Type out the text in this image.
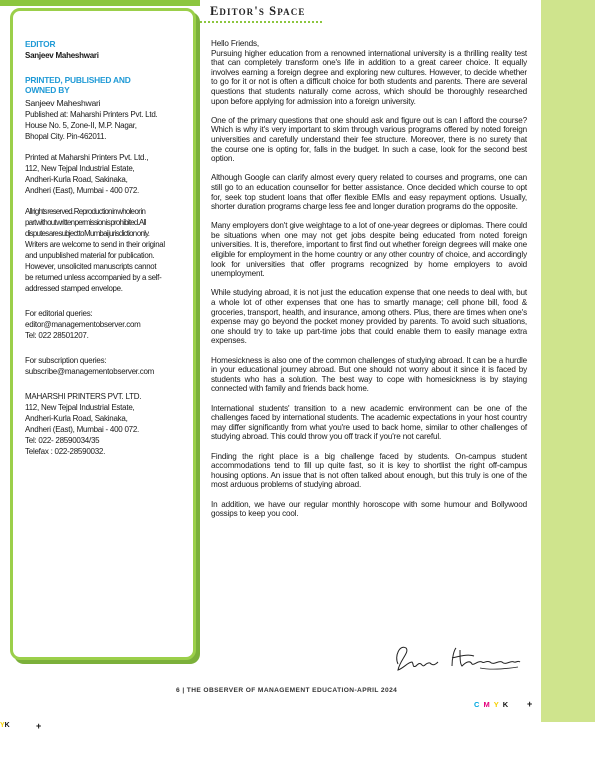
EDITOR
Sanjeev Maheshwari
PRINTED, PUBLISHED AND
OWNED BY
Sanjeev Maheshwari
Published at: Maharshi Printers Pvt. Ltd.
House No. 5, Zone-II, M.P. Nagar,
Bhopal City. Pin-462011.
Printed at Maharshi Printers Pvt. Ltd.,
112, New Tejpal Industrial Estate,
Andheri-Kurla Road, Sakinaka,
Andheri (East), Mumbai - 400 072.
All rights reserved. Reproduction in whole or in
part without written permission is prohibited. All
disputes are subject to Mumbai jurisdiction only.
Writers are welcome to send in their original
and unpublished material for publication.
However, unsolicited manuscripts cannot
be returned unless accompanied by a self-
addressed stamped envelope.
For editorial queries:
editor@managementobserver.com
Tel: 022 28501207.
For subscription queries:
subscribe@managementobserver.com
MAHARSHI PRINTERS PVT. LTD.
112, New Tejpal Industrial Estate,
Andheri-Kurla Road, Sakinaka,
Andheri (East), Mumbai - 400 072.
Tel: 022- 28590034/35
Telefax : 022-28590032.
Editor's Space

Hello Friends,

Pursuing higher education from a renowned international university is a thrilling reality test that can completely transform one's life in addition to a great career choice. It equally involves earning a foreign degree and exploring new cultures. However, to decide whether to go for it or not is often a difficult choice for both students and parents. There are several questions that students naturally come across, which should be thoroughly researched upon before applying for admission into a foreign university.

One of the primary questions that one should ask and figure out is can I afford the course? Which is why it's very important to skim through various programs offered by noted foreign universities and carefully understand their fee structure. Moreover, there is no surety that the course one is opting for, falls in the budget. In such a case, look for the second best option.

Although Google can clarify almost every query related to courses and programs, one can still go to an education counsellor for better assistance. Once decided which course to opt for, seek top student loans that offer flexible EMIs and easy repayment options. Usually, shorter duration programs charge less fee and longer duration programs do the opposite.

Many employers don't give weightage to a lot of one-year degrees or diplomas. There could be situations when one may not get jobs despite being educated from noted foreign universities. It is, therefore, important to first find out whether foreign degrees will make one eligible for employment in the home country or any other country of choice, and accordingly look for universities that offer programs recognized by home employers to avoid unemployment.

While studying abroad, it is not just the education expense that one needs to deal with, but a whole lot of other expenses that one has to smartly manage; cell phone bill, food & groceries, transport, health, and insurance, among others. Plus, there are times when one's expense may go beyond the pocket money provided by parents. To avoid such situations, one should try to take up part-time jobs that could enable them to easily manage extra expenses.

Homesickness is also one of the common challenges of studying abroad. It can be a hurdle in your educational journey abroad. But one should not worry about it since it is faced by students who has a solution. The best way to cope with homesickness is by staying connected with family and friends back home.

International students' transition to a new academic environment can be one of the challenges faced by international students. The academic expectations in your host country may differ significantly from what you're used to back home, similar to other challenges of studying abroad. This could throw you off track if you're not careful.

Finding the right place is a big challenge faced by students. On-campus student accommodations tend to fill up quite fast, so it is key to shortlist the right off-campus housing options. An issue that is not often talked about enough, but this truly is one of the most arduous problems of studying abroad.

In addition, we have our regular monthly horoscope with some humour and Bollywood gossips to keep you cool.

6 | THE OBSERVER OF MANAGEMENT EDUCATION-APRIL 2024
C M Y K +
YK	+
